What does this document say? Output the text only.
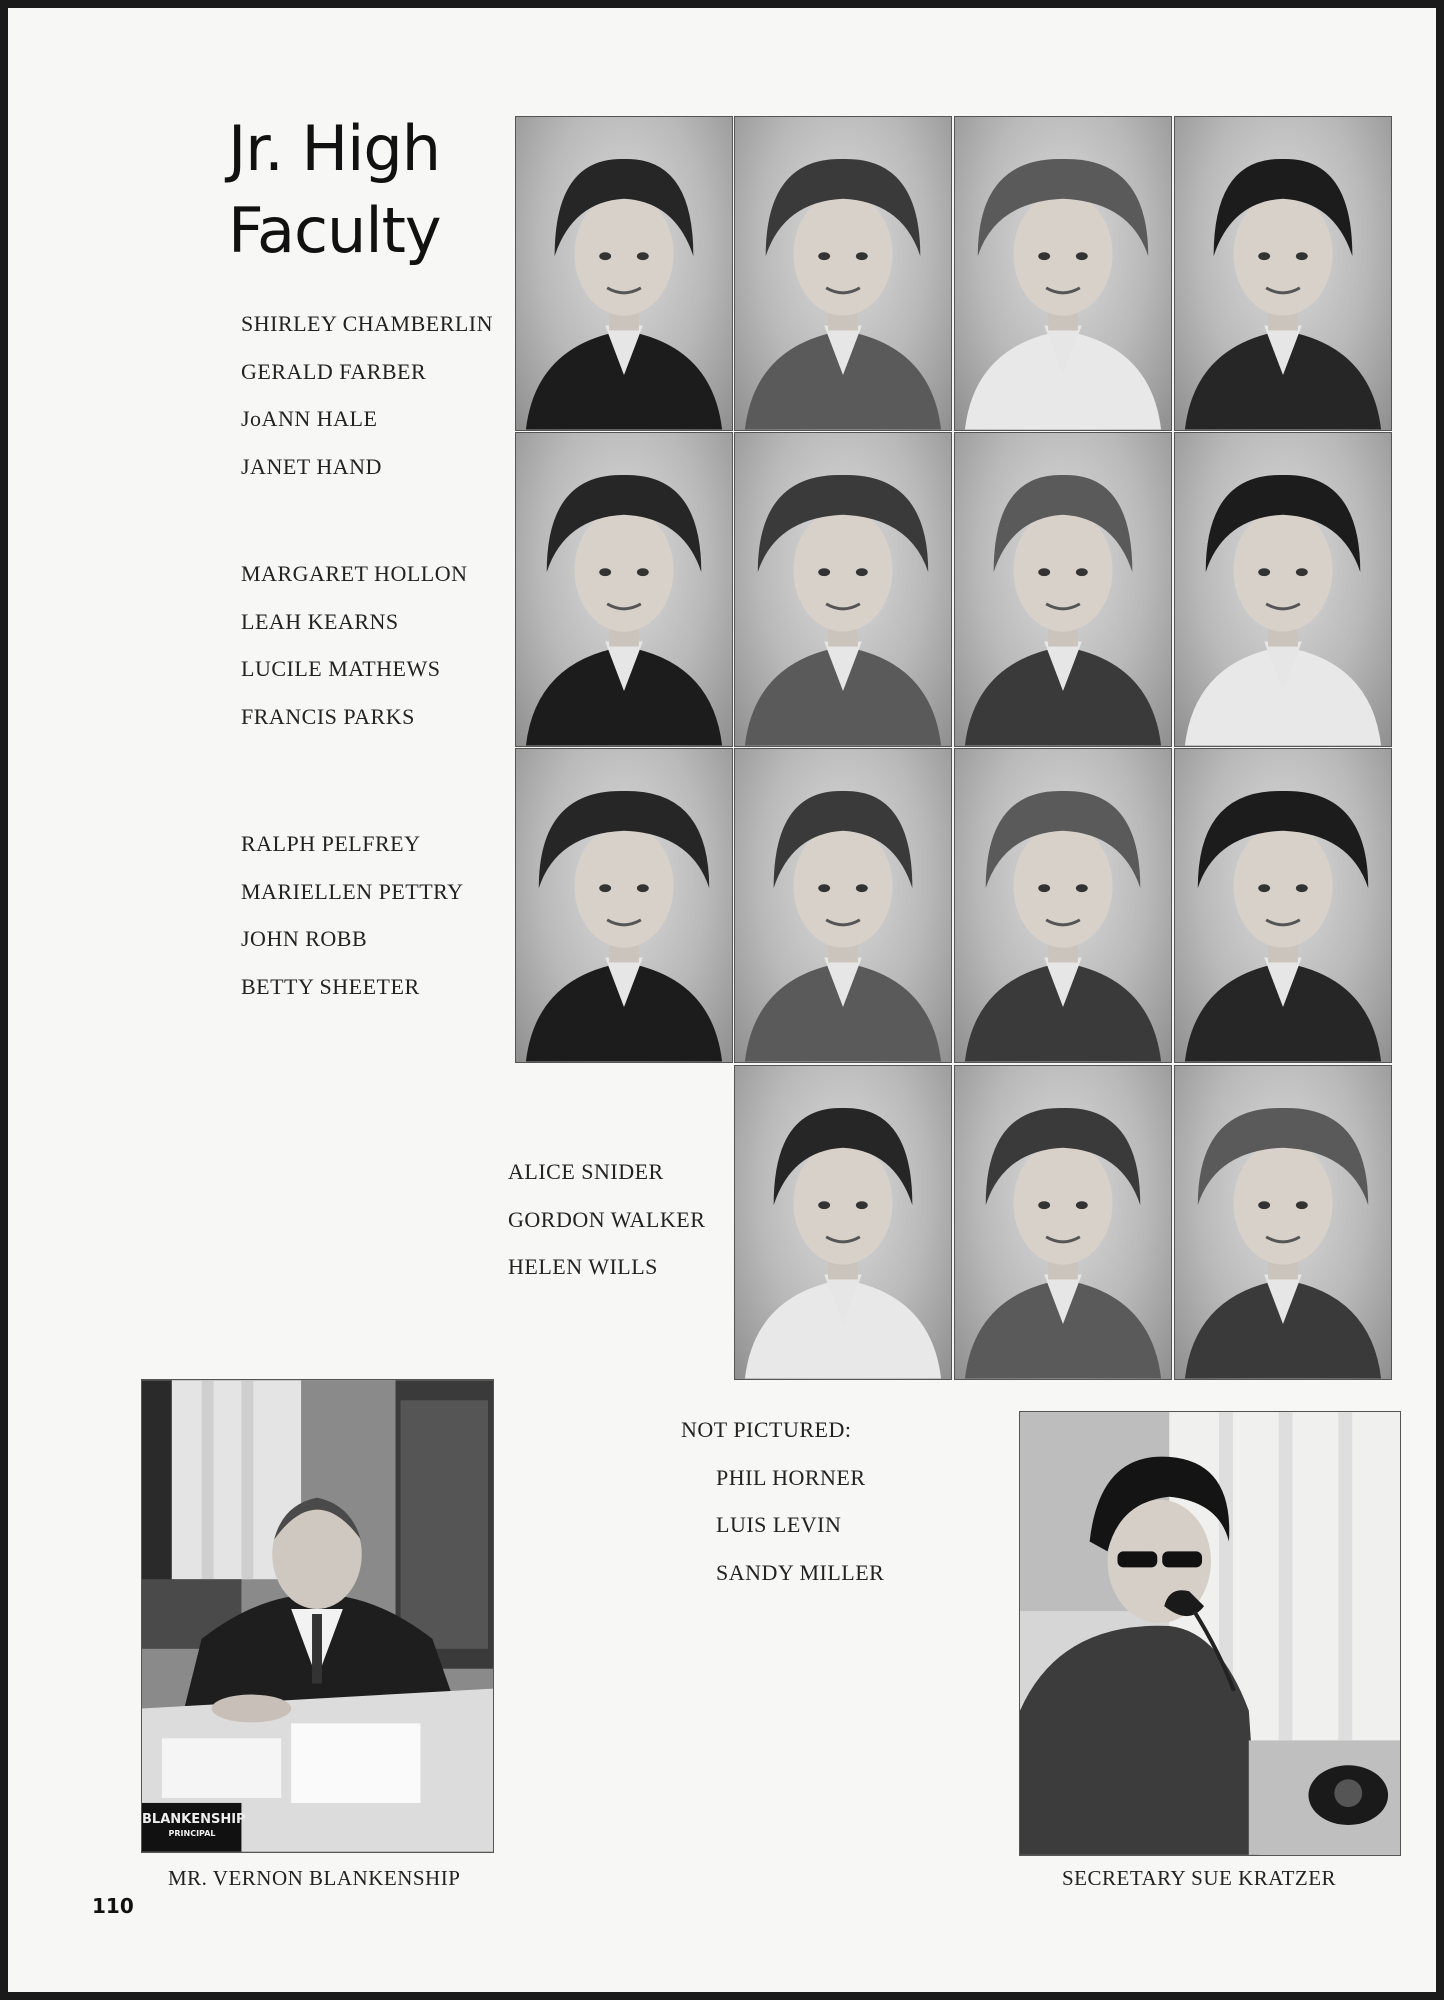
Jr. High
Faculty
SHIRLEY CHAMBERLIN
GERALD FARBER
JoANN HALE
JANET HAND
MARGARET HOLLON
LEAH KEARNS
LUCILE MATHEWS
FRANCIS PARKS
RALPH PELFREY
MARIELLEN PETTRY
JOHN ROBB
BETTY SHEETER
ALICE SNIDER
GORDON WALKER
HELEN WILLS
NOT PICTURED:
PHIL HORNER
LUIS LEVIN
SANDY MILLER
BLANKENSHIP
PRINCIPAL
MR. VERNON BLANKENSHIP	SECRETARY SUE KRATZER
110
